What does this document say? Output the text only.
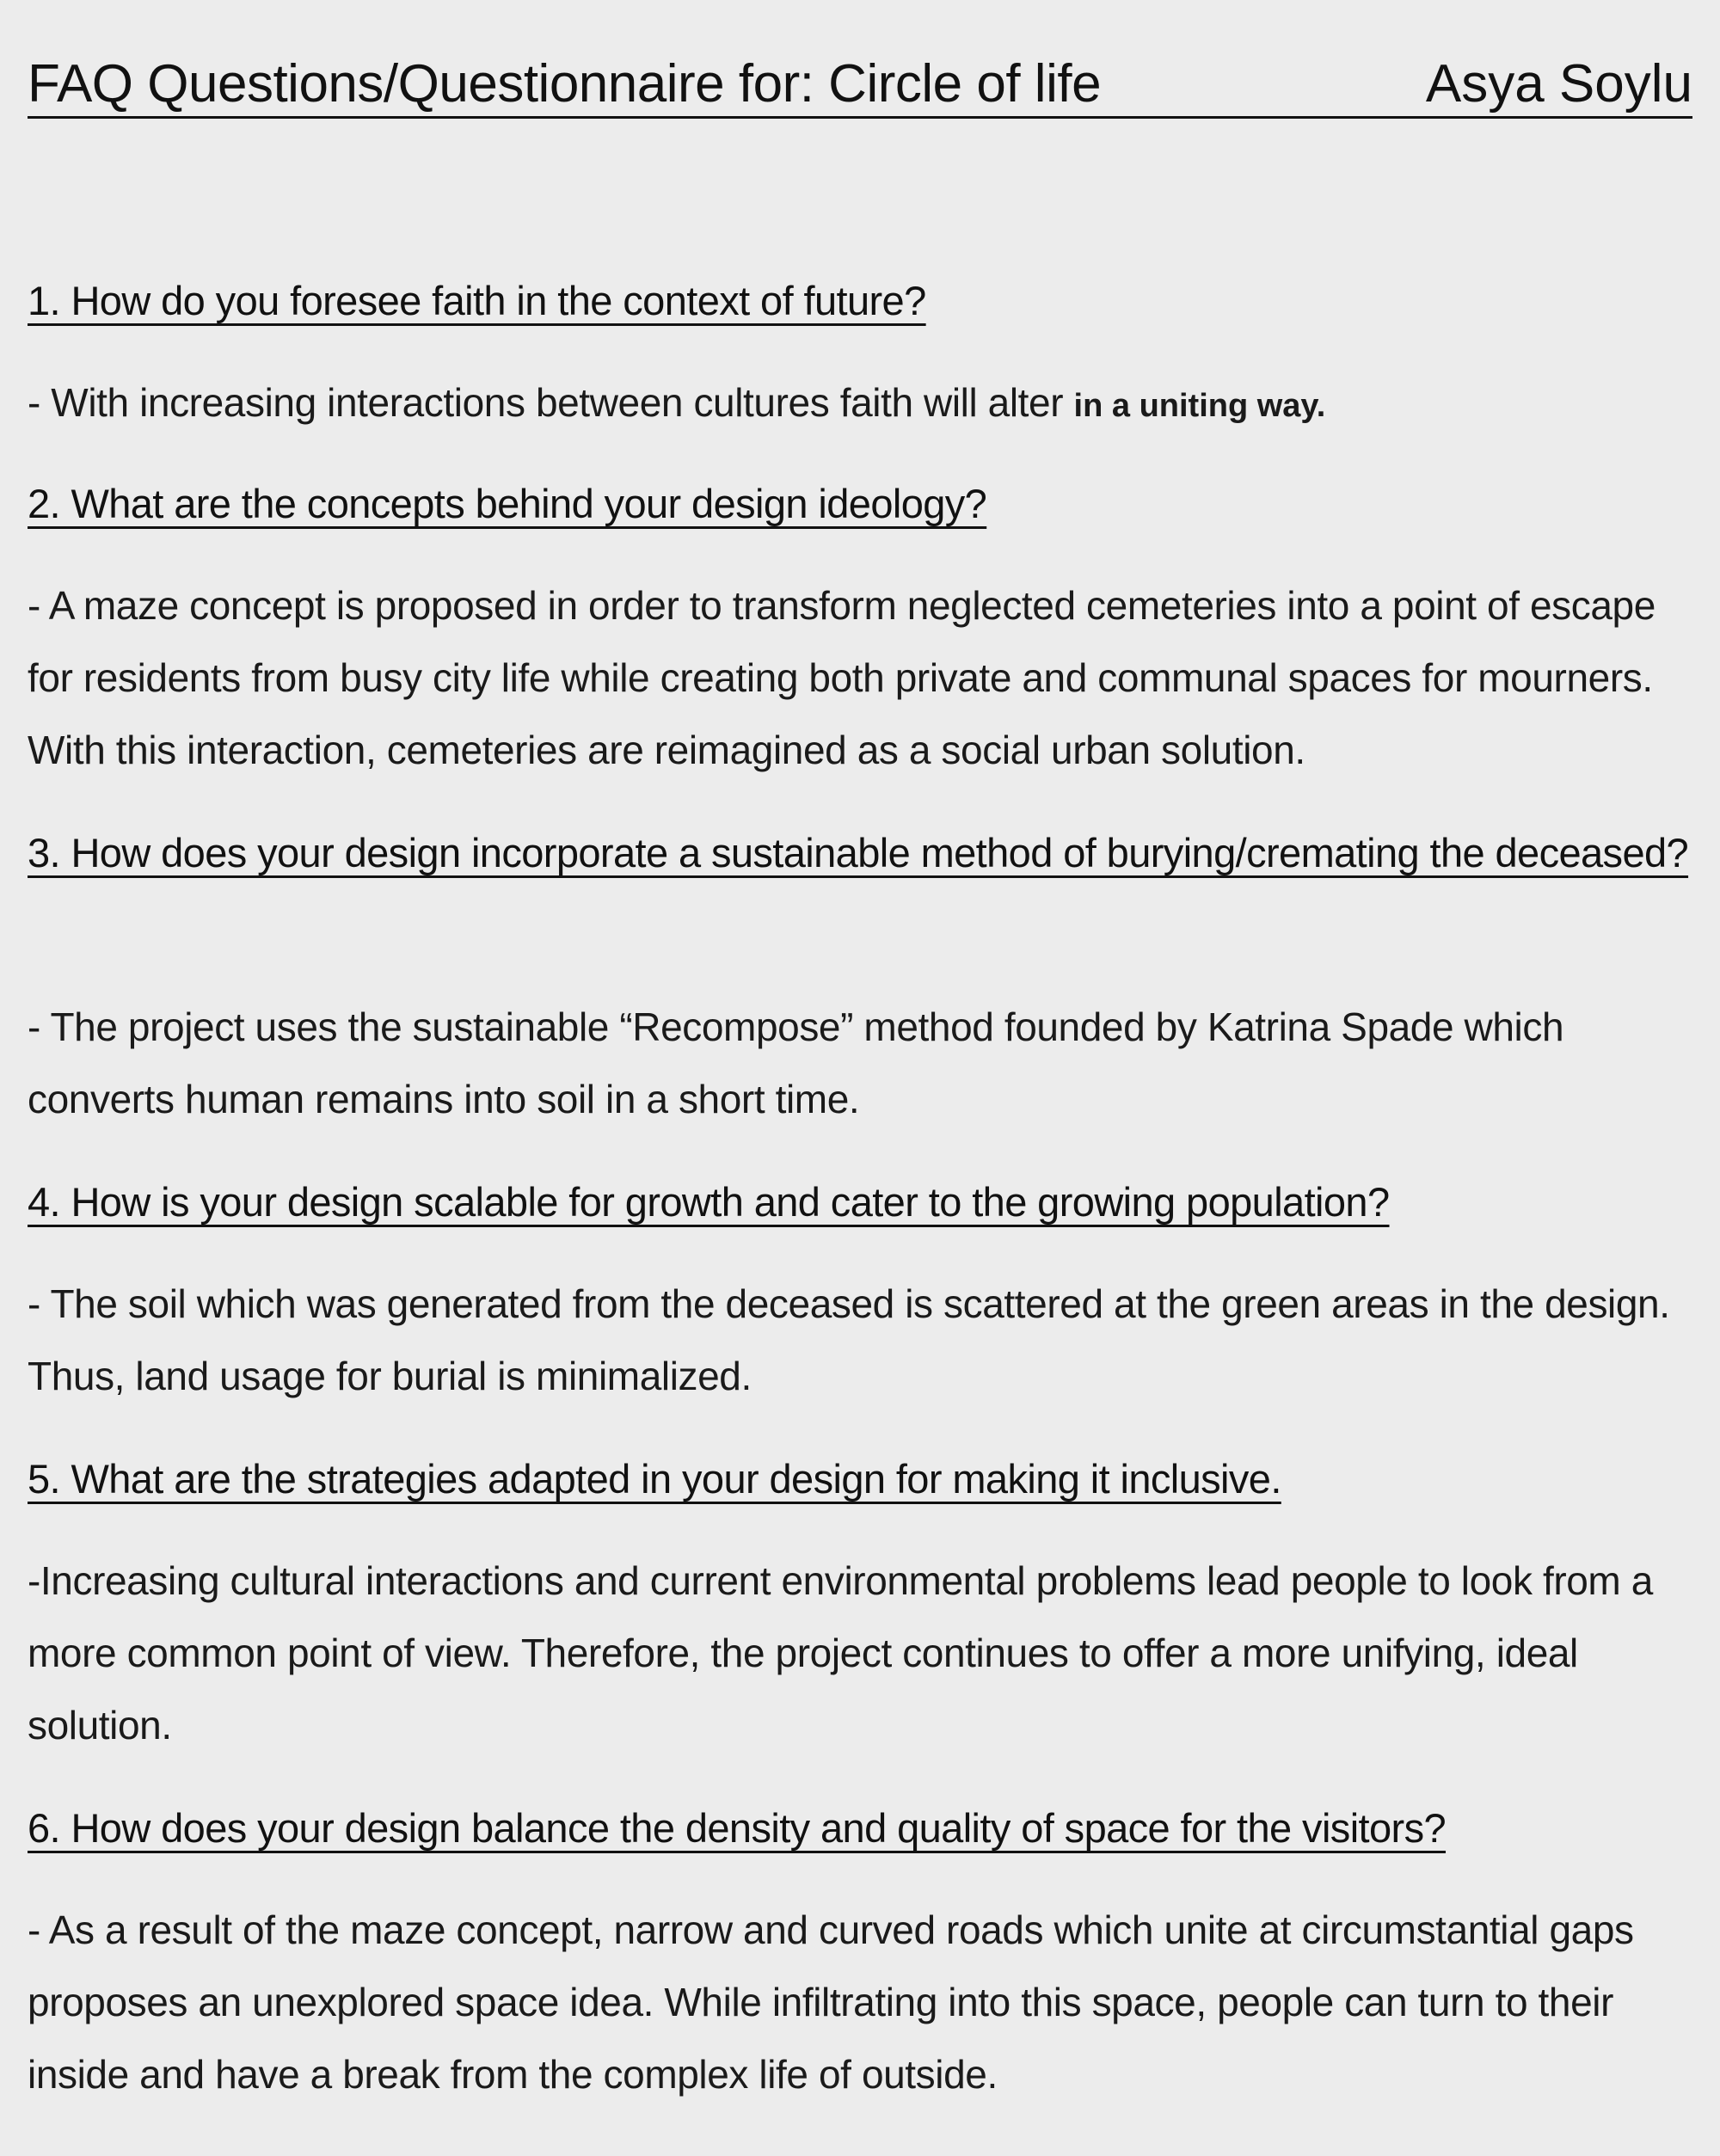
FAQ Questions/Questionnaire for: Circle of life	Asya Soylu
1. How do you foresee faith in the context of future?
- With increasing interactions between cultures faith will alter in a uniting way.
2. What are the concepts behind your design ideology?
- A maze concept is proposed in order to transform neglected cemeteries into a point of escape for residents from busy city life while creating both private and communal spaces for mourners. With this interaction, cemeteries are reimagined as a social urban solution.
3. How does your design incorporate a sustainable method of burying/cremating the deceased?
- The project uses the sustainable “Recompose” method founded by Katrina Spade which converts human remains into soil in a short time.
4. How is your design scalable for growth and cater to the growing population?
- The soil which was generated from the deceased is scattered at the green areas in the design. Thus, land usage for burial is minimalized.
5. What are the strategies adapted in your design for making it inclusive.
-Increasing cultural interactions and current environmental problems lead people to look from a more common point of view. Therefore, the project continues to offer a more unifying, ideal solution.
6. How does your design balance the density and quality of space for the visitors?
- As a result of the maze concept, narrow and curved roads which unite at circumstantial gaps proposes an unexplored space idea. While infiltrating into this space, people can turn to their inside and have a break from the complex life of outside.
